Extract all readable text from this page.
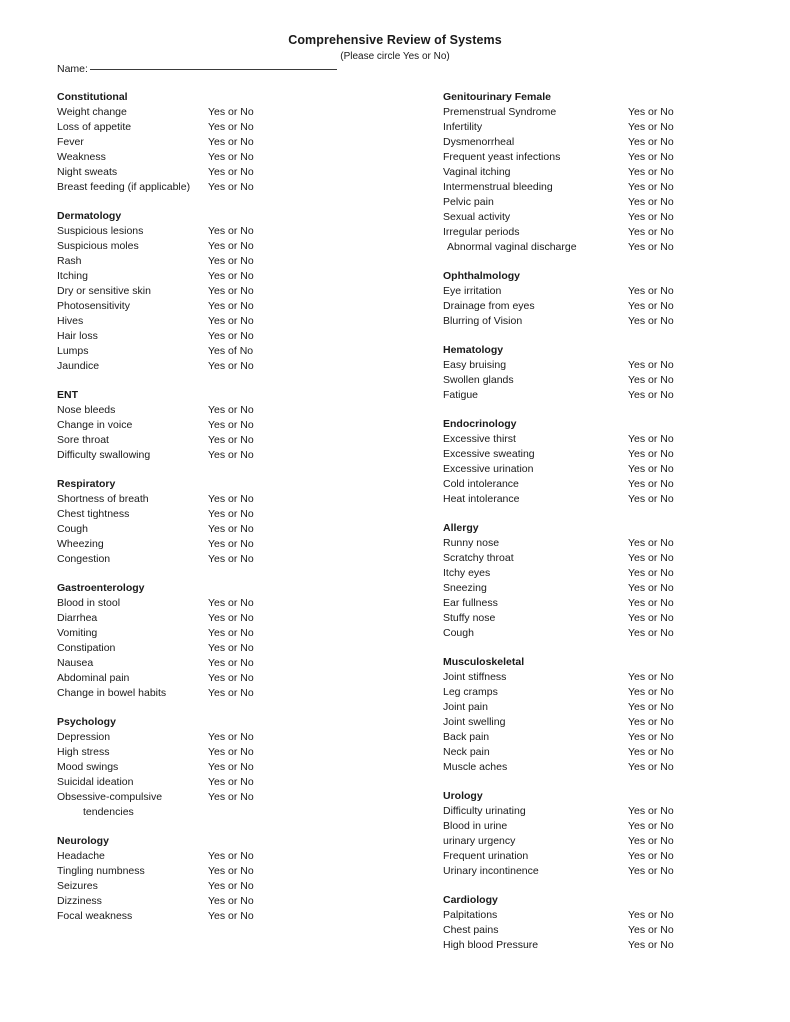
Comprehensive Review of Systems
(Please circle Yes or No)
Name:
Constitutional
Weight change	Yes or No
Loss of appetite	Yes or No
Fever	Yes or No
Weakness	Yes or No
Night sweats	Yes or No
Breast feeding (if applicable) Yes or No
Dermatology
Suspicious lesions	Yes or No
Suspicious moles	Yes or No
Rash	Yes or No
Itching	Yes or No
Dry or sensitive skin	Yes or No
Photosensitivity	Yes or No
Hives	Yes or No
Hair loss	Yes or No
Lumps	Yes of No
Jaundice	Yes or No
ENT
Nose bleeds	Yes or No
Change in voice	Yes or No
Sore throat	Yes or No
Difficulty swallowing	Yes or No
Respiratory
Shortness of breath	Yes or No
Chest tightness	Yes or No
Cough	Yes or No
Wheezing	Yes or No
Congestion	Yes or No
Gastroenterology
Blood in stool	Yes or No
Diarrhea	Yes or No
Vomiting	Yes or No
Constipation	Yes or No
Nausea	Yes or No
Abdominal pain	Yes or No
Change in bowel habits	Yes or No
Psychology
Depression	Yes or No
High stress	Yes or No
Mood swings	Yes or No
Suicidal ideation	Yes or No
Obsessive-compulsive	Yes or No
tendencies
Neurology
Headache	Yes or No
Tingling numbness	Yes or No
Seizures	Yes or No
Dizziness	Yes or No
Focal weakness	Yes or No
Genitourinary Female
Premenstrual Syndrome	Yes or No
Infertility	Yes or No
Dysmenorrheal	Yes or No
Frequent yeast infections	Yes or No
Vaginal itching	Yes or No
Intermenstrual bleeding	Yes or No
Pelvic pain	Yes or No
Sexual activity	Yes or No
Irregular periods	Yes or No
Abnormal vaginal discharge	Yes or No
Ophthalmology
Eye irritation	Yes or No
Drainage from eyes	Yes or No
Blurring of Vision	Yes or No
Hematology
Easy bruising	Yes or No
Swollen glands	Yes or No
Fatigue	Yes or No
Endocrinology
Excessive thirst	Yes or No
Excessive sweating	Yes or No
Excessive urination	Yes or No
Cold intolerance	Yes or No
Heat intolerance	Yes or No
Allergy
Runny nose	Yes or No
Scratchy throat	Yes or No
Itchy eyes	Yes or No
Sneezing	Yes or No
Ear fullness	Yes or No
Stuffy nose	Yes or No
Cough	Yes or No
Musculoskeletal
Joint stiffness	Yes or No
Leg cramps	Yes or No
Joint pain	Yes or No
Joint swelling	Yes or No
Back pain	Yes or No
Neck pain	Yes or No
Muscle aches	Yes or No
Urology
Difficulty urinating	Yes or No
Blood in urine	Yes or No
urinary urgency	Yes or No
Frequent urination	Yes or No
Urinary incontinence	Yes or No
Cardiology
Palpitations	Yes or No
Chest pains	Yes or No
High blood Pressure	Yes or No
